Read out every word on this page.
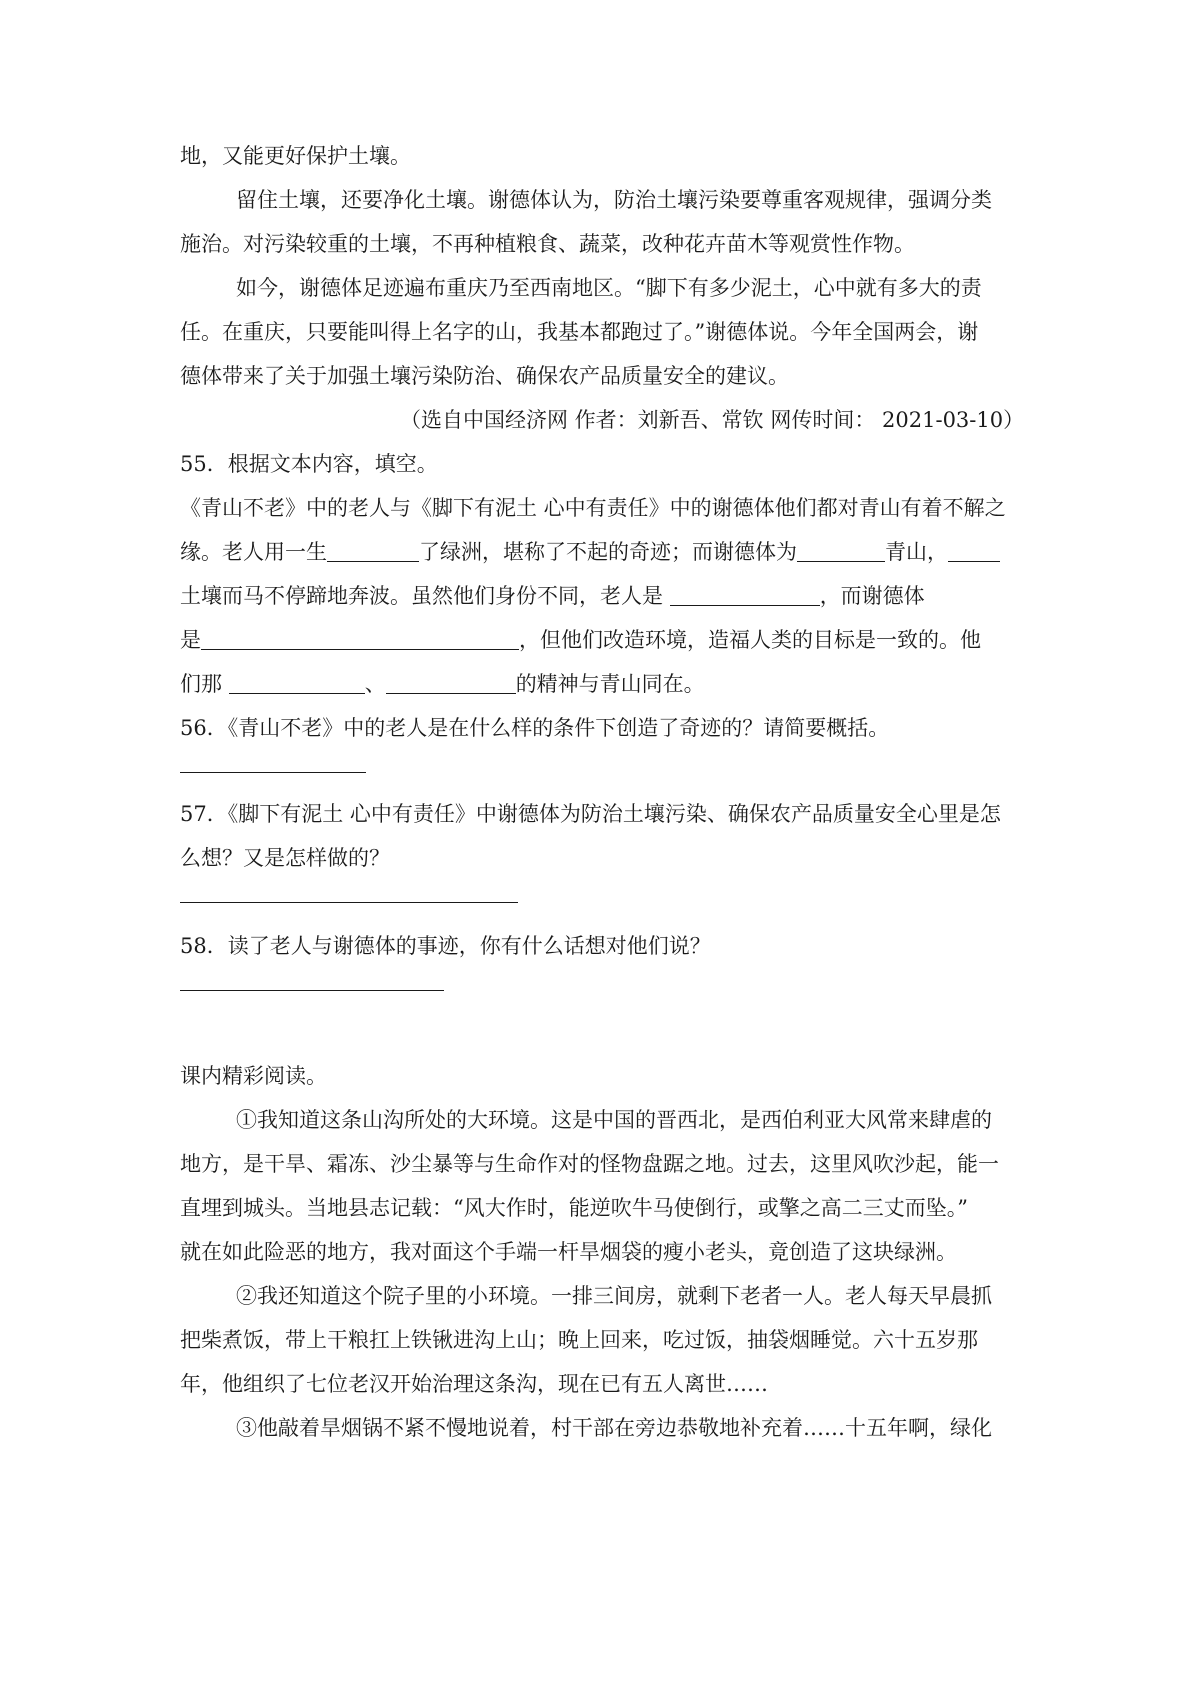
地，又能更好保护土壤。
留住土壤，还要净化土壤。谢德体认为，防治土壤污染要尊重客观规律，强调分类
施治。对污染较重的土壤，不再种植粮食、蔬菜，改种花卉苗木等观赏性作物。
如今，谢德体足迹遍布重庆乃至西南地区。“脚下有多少泥土，心中就有多大的责
任。在重庆，只要能叫得上名字的山，我基本都跑过了。”谢德体说。今年全国两会，谢
德体带来了关于加强土壤污染防治、确保农产品质量安全的建议。
（选自中国经济网 作者：刘新吾、常钦 网传时间： 2021-03-10）
55．根据文本内容，填空。
《青山不老》中的老人与《脚下有泥土 心中有责任》中的谢德体他们都对青山有着不解之
缘。老人用一生	了绿洲，堪称了不起的奇迹；而谢德体为	青山，
土壤而马不停蹄地奔波。虽然他们身份不同，老人是	，而谢德体
是	，但他们改造环境，造福人类的目标是一致的。他
们那	、	的精神与青山同在。
56．《青山不老》中的老人是在什么样的条件下创造了奇迹的？请简要概括。
57．《脚下有泥土 心中有责任》中谢德体为防治土壤污染、确保农产品质量安全心里是怎
么想？又是怎样做的？
58．读了老人与谢德体的事迹，你有什么话想对他们说？
课内精彩阅读。
①我知道这条山沟所处的大环境。这是中国的晋西北，是西伯利亚大风常来肆虐的
地方，是干旱、霜冻、沙尘暴等与生命作对的怪物盘踞之地。过去，这里风吹沙起，能一
直埋到城头。当地县志记载：“风大作时，能逆吹牛马使倒行，或擎之高二三丈而坠。”
就在如此险恶的地方，我对面这个手端一杆旱烟袋的瘦小老头，竟创造了这块绿洲。
②我还知道这个院子里的小环境。一排三间房，就剩下老者一人。老人每天早晨抓
把柴煮饭，带上干粮扛上铁锹进沟上山；晚上回来，吃过饭，抽袋烟睡觉。六十五岁那
年，他组织了七位老汉开始治理这条沟，现在已有五人离世……
③他敲着旱烟锅不紧不慢地说着，村干部在旁边恭敬地补充着……十五年啊，绿化
